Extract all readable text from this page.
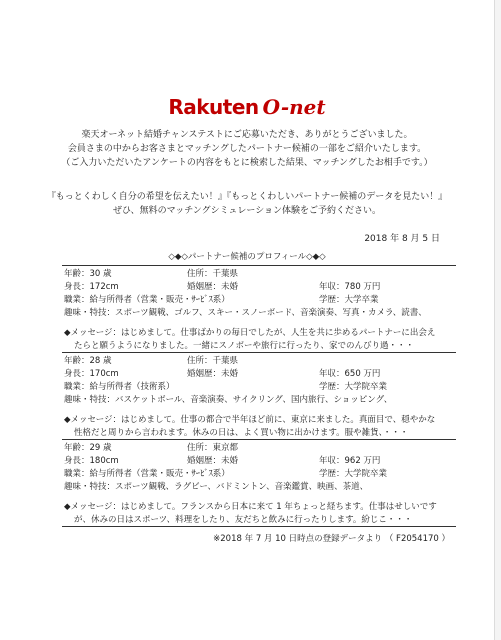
Rakuten O-net
楽天オーネット結婚チャンステストにご応募いただき、ありがとうございました。
会員さまの中からお客さまとマッチングしたパートナー候補の一部をご紹介いたします。
（ご入力いただいたアンケートの内容をもとに検索した結果、マッチングしたお相手です。）
『もっとくわしく自分の希望を伝えたい！』『もっとくわしいパートナー候補のデータを見たい！』
ぜひ、無料のマッチングシミュレーション体験をご予約ください。
2018 年 8 月 5 日
◇◆◇パートナー候補のプロフィール◇◆◇
年齢：30 歳	住所：千葉県
身長：172cm	婚姻歴：未婚	年収：780 万円
職業：給与所得者（営業・販売・ｻｰﾋﾞｽ系）	学歴：大学卒業
趣味・特技：スポーツ観戦、ゴルフ、スキー・スノーボード、音楽演奏、写真・カメラ、読書、
◆メッセージ：はじめまして。仕事ばかりの毎日でしたが、人生を共に歩めるパートナーに出会え
たらと願うようになりました。一緒にスノボーや旅行に行ったり、家でのんびり過・・・
年齢：28 歳	住所：千葉県
身長：170cm	婚姻歴：未婚	年収：650 万円
職業：給与所得者（技術系）	学歴：大学院卒業
趣味・特技：バスケットボール、音楽演奏、サイクリング、国内旅行、ショッピング、
◆メッセージ：はじめまして。仕事の都合で半年ほど前に、東京に来ました。真面目で、穏やかな
性格だと周りから言われます。休みの日は、よく買い物に出かけます。服や雑貨、・・・
年齢：29 歳	住所：東京都
身長：180cm	婚姻歴：未婚	年収：962 万円
職業：給与所得者（営業・販売・ｻｰﾋﾞｽ系）	学歴：大学院卒業
趣味・特技：スポーツ観戦、ラグビー、バドミントン、音楽鑑賞、映画、茶道、
◆メッセージ：はじめまして。フランスから日本に来て 1 年ちょっと経ちます。仕事はせしいです
が、休みの日はスポーツ、料理をしたり、友だちと飲みに行ったりします。紛じこ・・・
※2018 年 7 月 10 日時点の登録データより （ F2054170 ）
